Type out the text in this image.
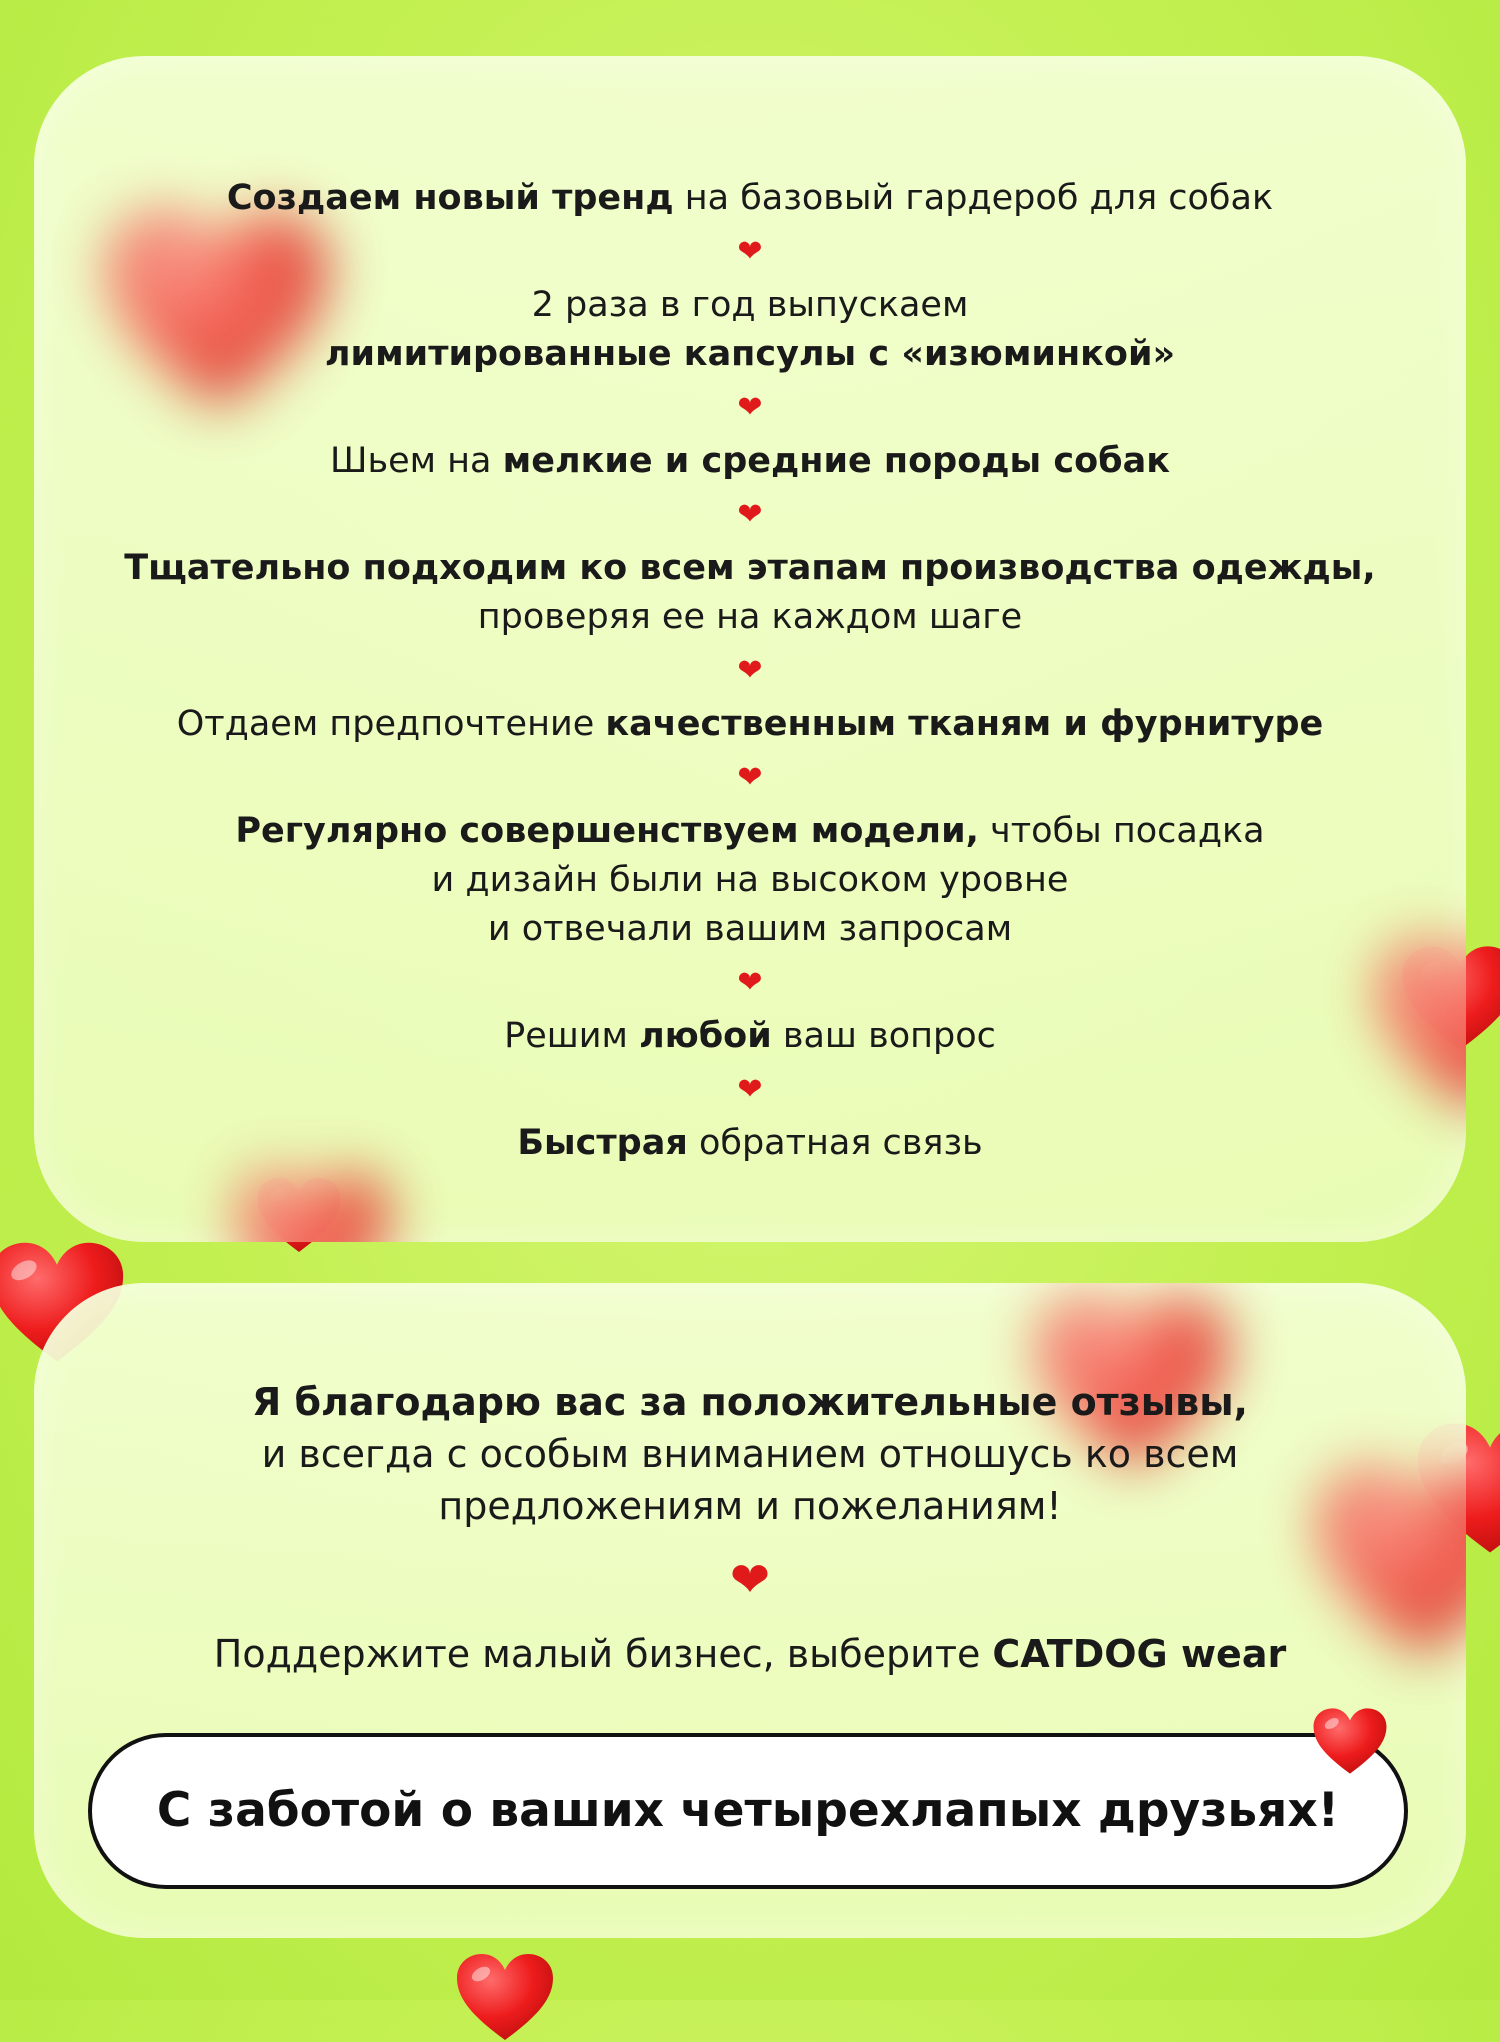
Создаем новый тренд на базовый гардероб для собак
❤
2 раза в год выпускаем
лимитированные капсулы с «изюминкой»
❤
Шьем на мелкие и средние породы собак
❤
Тщательно подходим ко всем этапам производства одежды,
проверяя ее на каждом шаге
❤
Отдаем предпочтение качественным тканям и фурнитуре
❤
Регулярно совершенствуем модели, чтобы посадка
и дизайн были на высоком уровне
и отвечали вашим запросам
❤
Решим любой ваш вопрос
❤
Быстрая обратная связь
Я благодарю вас за положительные отзывы,
и всегда с особым вниманием отношусь ко всем
предложениям и пожеланиям!
❤
Поддержите малый бизнес, выберите CATDOG wear
С заботой о ваших четырехлапых друзьях!
